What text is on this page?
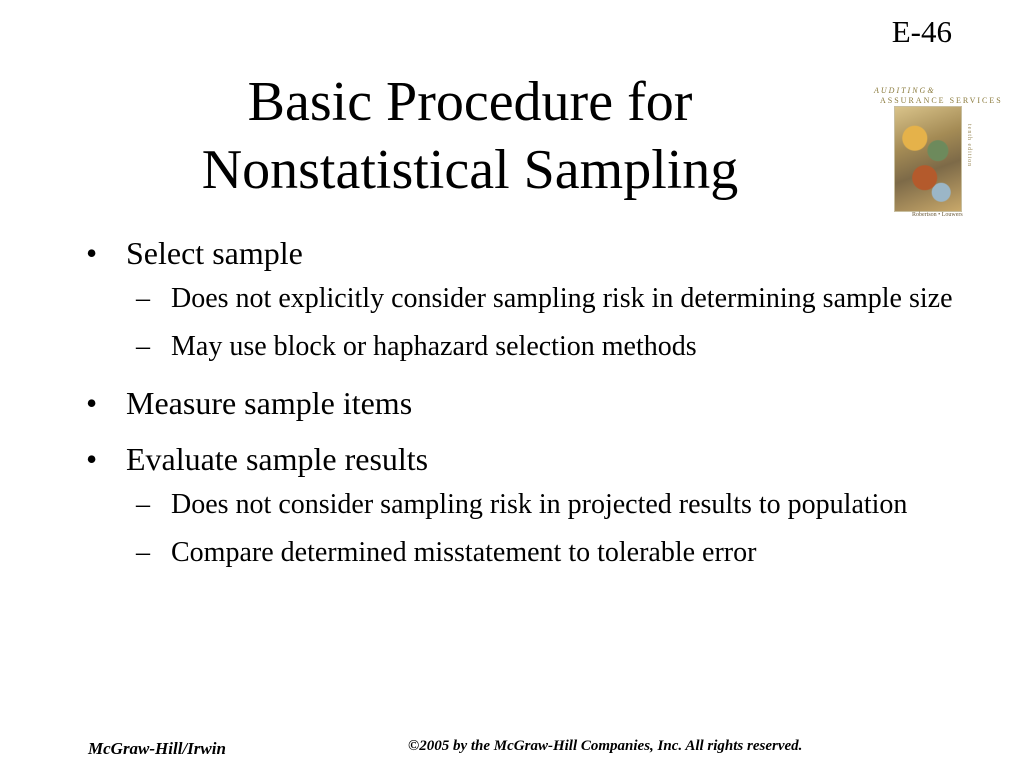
E-46
Basic Procedure for
Nonstatistical Sampling
AUDITING&
ASSURANCE SERVICES
tenth edition
Robertson • Louwers
• Select sample
– Does not explicitly consider sampling risk in determining sample size
– May use block or haphazard selection methods
• Measure sample items
• Evaluate sample results
– Does not consider sampling risk in projected results to population
– Compare determined misstatement to tolerable error
McGraw-Hill/Irwin	©2005 by the McGraw-Hill Companies, Inc. All rights reserved.
